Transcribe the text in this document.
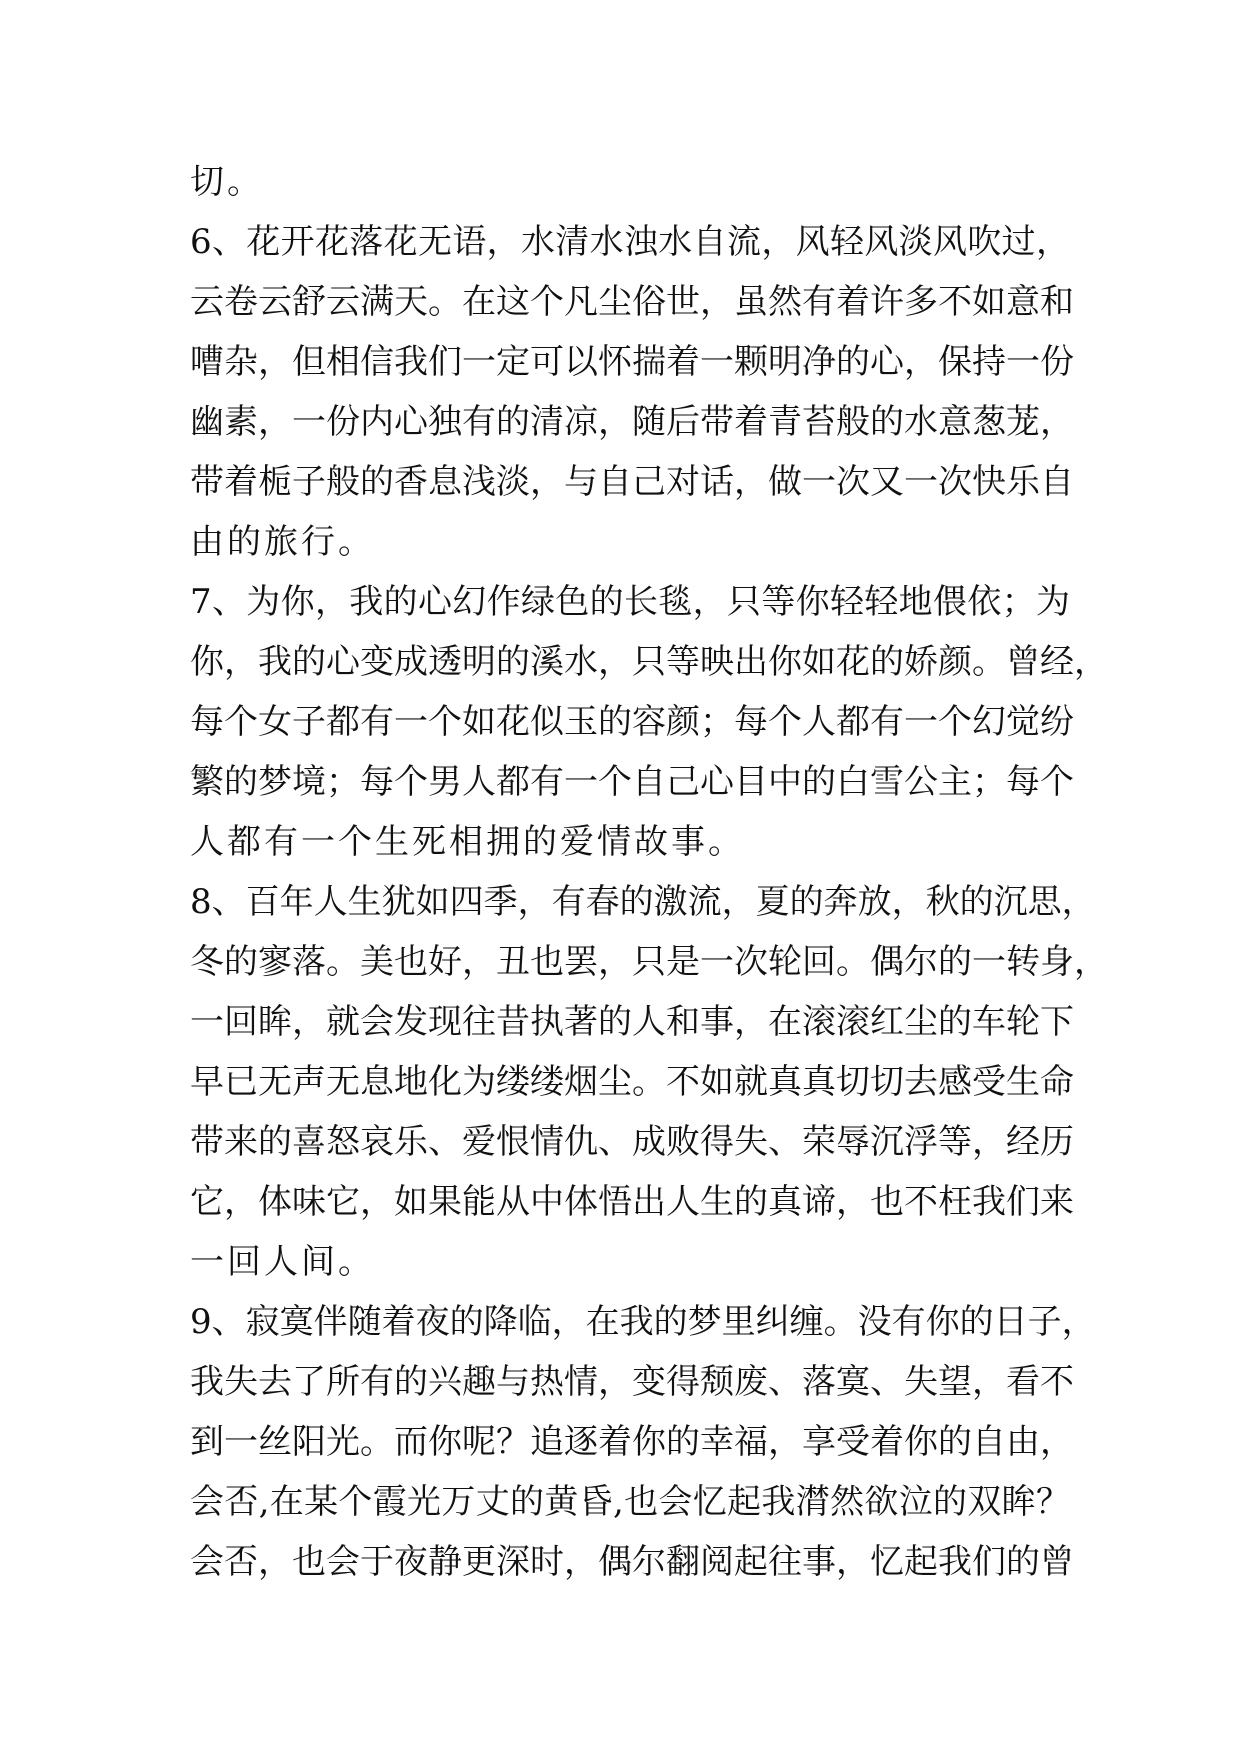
切。
6、花开花落花无语，水清水浊水自流，风轻风淡风吹过，
云卷云舒云满天。在这个凡尘俗世，虽然有着许多不如意和
嘈杂，但相信我们一定可以怀揣着一颗明净的心，保持一份
幽素，一份内心独有的清凉，随后带着青苔般的水意葱茏，
带着栀子般的香息浅淡，与自己对话，做一次又一次快乐自
由的旅行。
7、为你，我的心幻作绿色的长毯，只等你轻轻地偎依；为
你，我的心变成透明的溪水，只等映出你如花的娇颜。曾经，
每个女子都有一个如花似玉的容颜；每个人都有一个幻觉纷
繁的梦境；每个男人都有一个自己心目中的白雪公主；每个
人都有一个生死相拥的爱情故事。
8、百年人生犹如四季，有春的激流，夏的奔放，秋的沉思，
冬的寥落。美也好，丑也罢，只是一次轮回。偶尔的一转身，
一回眸，就会发现往昔执著的人和事，在滚滚红尘的车轮下
早已无声无息地化为缕缕烟尘。不如就真真切切去感受生命
带来的喜怒哀乐、爱恨情仇、成败得失、荣辱沉浮等，经历
它，体味它，如果能从中体悟出人生的真谛，也不枉我们来
一回人间。
9、寂寞伴随着夜的降临，在我的梦里纠缠。没有你的日子，
我失去了所有的兴趣与热情，变得颓废、落寞、失望，看不
到一丝阳光。而你呢？追逐着你的幸福，享受着你的自由，
会否,在某个霞光万丈的黄昏,也会忆起我潸然欲泣的双眸？
会否，也会于夜静更深时，偶尔翻阅起往事，忆起我们的曾
